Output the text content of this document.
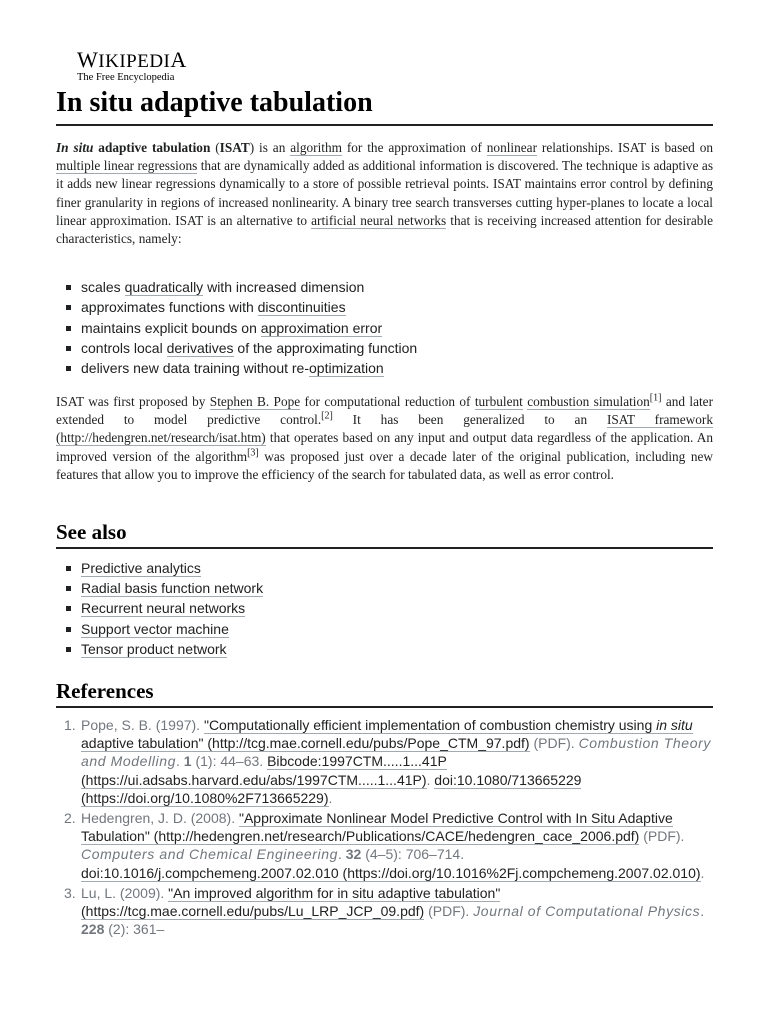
WIKIPEDIA
The Free Encyclopedia
In situ adaptive tabulation

In situ adaptive tabulation (ISAT) is an algorithm for the approximation of nonlinear relationships. ISAT is based on multiple linear regressions that are dynamically added as additional information is discovered. The technique is adaptive as it adds new linear regressions dynamically to a store of possible retrieval points. ISAT maintains error control by defining finer granularity in regions of increased nonlinearity. A binary tree search transverses cutting hyper-planes to locate a local linear approximation. ISAT is an alternative to artificial neural networks that is receiving increased attention for desirable characteristics, namely:

scales quadratically with increased dimension
approximates functions with discontinuities
maintains explicit bounds on approximation error
controls local derivatives of the approximating function
delivers new data training without re-optimization

ISAT was first proposed by Stephen B. Pope for computational reduction of turbulent combustion simulation[1] and later extended to model predictive control.[2] It has been generalized to an ISAT framework (http://hedengren.net/research/isat.htm) that operates based on any input and output data regardless of the application. An improved version of the algorithm[3] was proposed just over a decade later of the original publication, including new features that allow you to improve the efficiency of the search for tabulated data, as well as error control.

See also
Predictive analytics
Radial basis function network
Recurrent neural networks
Support vector machine
Tensor product network
References
1. Pope, S. B. (1997). "Computationally efficient implementation of combustion chemistry using in situ adaptive tabulation" (http://tcg.mae.cornell.edu/pubs/Pope_CTM_97.pdf) (PDF). Combustion Theory and Modelling. 1 (1): 44–63. Bibcode:1997CTM.....1...41P (https://ui.adsabs.harvard.edu/abs/1997CTM.....1...41P). doi:10.1080/713665229 (https://doi.org/10.1080%2F713665229).
2. Hedengren, J. D. (2008). "Approximate Nonlinear Model Predictive Control with In Situ Adaptive Tabulation" (http://hedengren.net/research/Publications/CACE/hedengren_cace_2006.pdf) (PDF). Computers and Chemical Engineering. 32 (4–5): 706–714. doi:10.1016/j.compchemeng.2007.02.010 (https://doi.org/10.1016%2Fj.compchemeng.2007.02.010).
3. Lu, L. (2009). "An improved algorithm for in situ adaptive tabulation" (https://tcg.mae.cornell.edu/pubs/Lu_LRP_JCP_09.pdf) (PDF). Journal of Computational Physics. 228 (2): 361–
